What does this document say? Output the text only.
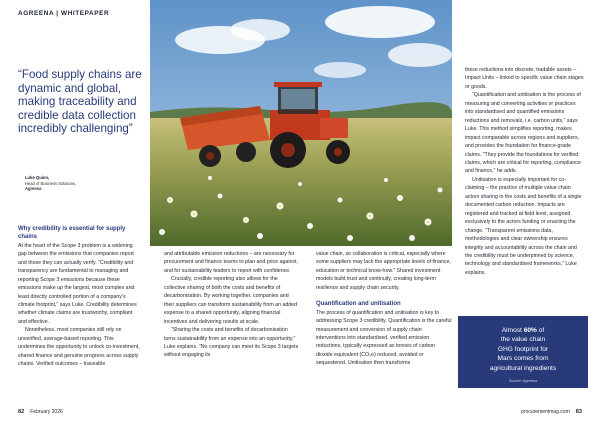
AGREENA | WHITEPAPER
“Food supply chains are dynamic and global, making traceability and credible data collection incredibly challenging”
Luke Quinn,
Head of Business Solutions,
Agreena
Why credibility is essential for supply chains

At the heart of the Scope 3 problem is a widening gap between the emissions that companies report and those they can actually verify. “Credibility and transparency are fundamental to managing and reporting Scope 3 emissions because these emissions make up the largest, most complex and least directly controlled portion of a company’s climate footprint,” says Luke. Credibility determines whether climate claims are trustworthy, compliant and effective.

Nonetheless, most companies still rely on unverified, average-based reporting. This undermines the opportunity to unlock co-investment, shared finance and genuine progress across supply chains. Verified outcomes – traceable

and attributable emission reductions – are necessary for procurement and finance teams to plan and price against, and for sustainability leaders to report with confidence.

Crucially, credible reporting also allows for the collective sharing of both the costs and benefits of decarbonisation. By working together, companies and their suppliers can transform sustainability from an added expense to a shared opportunity, aligning financial incentives and delivering results at scale.

“Sharing the costs and benefits of decarbonisation turns sustainability from an expense into an opportunity,” Luke explains. “No company can meet its Scope 3 targets without engaging its

value chain, so collaboration is critical, especially where some suppliers may lack the appropriate levels of finance, education or technical know-how.” Shared investment models build trust and continuity, creating long-term resilience and supply chain security.

Quantification and unitisation

The process of quantification and unitisation is key to addressing Scope 3 credibility. Quantification is the careful measurement and conversion of supply chain interventions into standardised, verified emission reductions, typically expressed as tonnes of carbon dioxide equivalent (CO₂e) reduced, avoided or sequestered. Unitisation then transforms

these reductions into discrete, tradable assets – Impact Units – linked to specific value chain stages or goods.

“Quantification and unitisation is the process of measuring and converting activities or practices into standardised and quantified emissions reductions and removals, i.e. carbon units,” says Luke. This method simplifies reporting, makes impact comparable across regions and suppliers, and provides the foundation for finance-grade claims. “They provide the foundations for verified claims, which are critical for reporting, compliance and finance,” he adds.

Unitisation is especially important for co-claiming – the practice of multiple value chain actors sharing in the costs and benefits of a single documented carbon reduction. Impacts are registered and tracked at field level, assigned exclusively to the actors funding or enacting the change. “Transparent emissions data, methodologies and clear ownership ensures integrity and accountability across the chain and the credibility must be underpinned by science, technology and standardised frameworks,” Luke explains.

Almost 60% of
the value chain
GHG footprint for
Mars comes from
agricultural ingredients
Source: Agreena
82 February 2026	procurementmag.com 83
